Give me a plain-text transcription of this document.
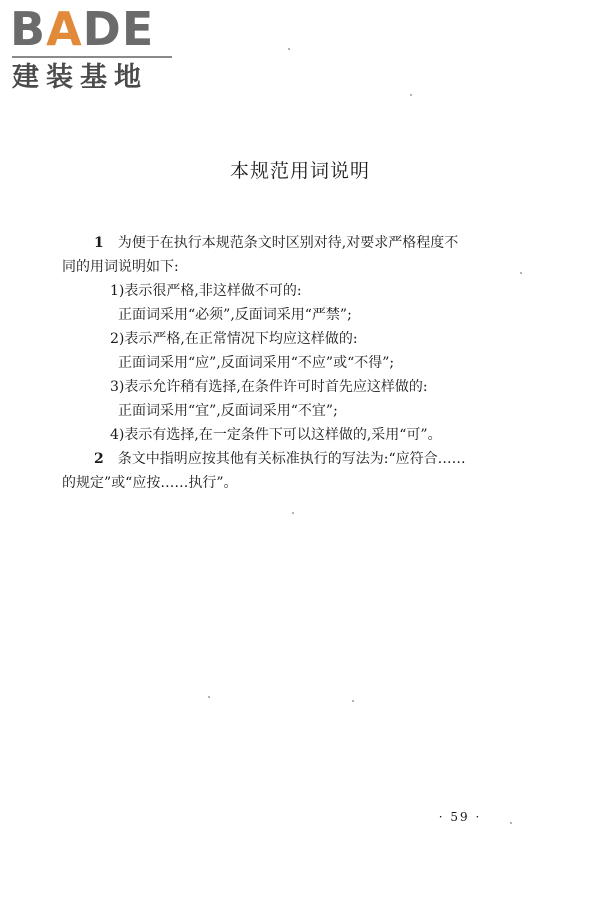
BADE
建装基地
本规范用词说明
1 为便于在执行本规范条文时区别对待,对要求严格程度不
同的用词说明如下:
1)表示很严格,非这样做不可的:
正面词采用“必须”,反面词采用“严禁”;
2)表示严格,在正常情况下均应这样做的:
正面词采用“应”,反面词采用“不应”或“不得”;
3)表示允许稍有选择,在条件许可时首先应这样做的:
正面词采用“宜”,反面词采用“不宜”;
4)表示有选择,在一定条件下可以这样做的,采用“可”。
2 条文中指明应按其他有关标准执行的写法为:“应符合……
的规定”或“应按……执行”。
· 59 ·
